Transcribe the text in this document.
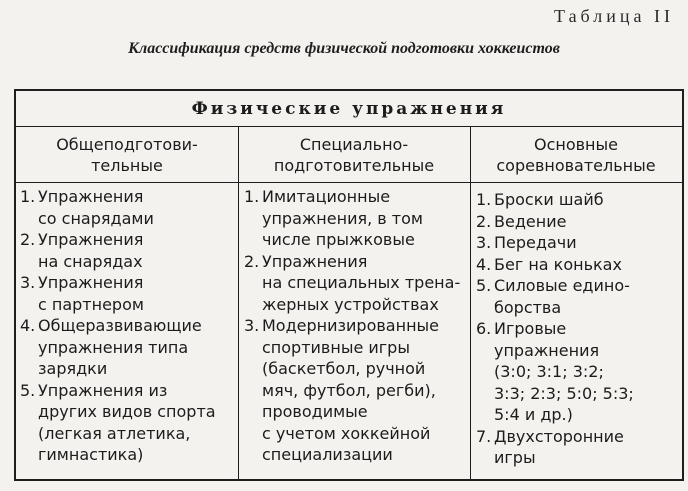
Таблица II
Классификация средств физической подготовки хоккеистов
Физические упражнения
Общеподготови-
тельные
Специально-
подготовительные
Основные
соревновательные
1. Упражнения
со снарядами
2. Упражнения
на снарядах
3. Упражнения
с партнером
4. Общеразвивающие
упражнения типа
зарядки
5. Упражнения из
других видов спорта
(легкая атлетика,
гимнастика)
1. Имитационные
упражнения, в том
числе прыжковые
2. Упражнения
на специальных трена-
жерных устройствах
3. Модернизированные
спортивные игры
(баскетбол, ручной
мяч, футбол, регби),
проводимые
с учетом хоккейной
специализации
1. Броски шайб
2. Ведение
3. Передачи
4. Бег на коньках
5. Силовые едино-
борства
6. Игровые
упражнения
(3:0; 3:1; 3:2;
3:3; 2:3; 5:0; 5:3;
5:4 и др.)
7. Двухсторонние
игры
